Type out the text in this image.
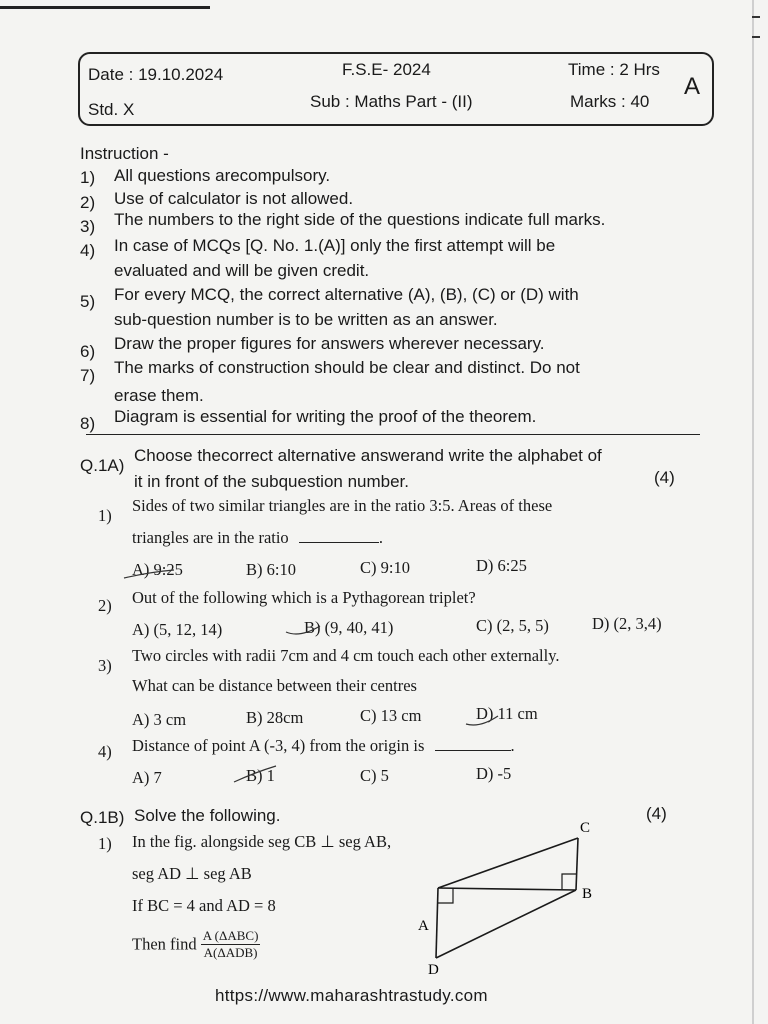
Date : 19.10.2024	F.S.E- 2024	Time : 2 Hrs
Std. X	Sub : Maths Part - (II)	Marks : 40
A
Instruction -
1) All questions arecompulsory.
2) Use of calculator is not allowed.
3) The numbers to the right side of the questions indicate full marks.
4) In case of MCQs [Q. No. 1.(A)] only the first attempt will be
evaluated and will be given credit.
5) For every MCQ, the correct alternative (A), (B), (C) or (D) with
sub-question number is to be written as an answer.
6) Draw the proper figures for answers wherever necessary.
7) The marks of construction should be clear and distinct. Do not
erase them.
8) Diagram is essential for writing the proof of the theorem.
Q.1A)
Choose thecorrect alternative answerand write the alphabet of
it in front of the subquestion number.	(4)
1)
Sides of two similar triangles are in the ratio 3:5. Areas of these
triangles are in the ratio	.
A) 9:25	B) 6:10	C) 9:10	D) 6:25
2) Out of the following which is a Pythagorean triplet?
A) (5, 12, 14)	B) (9, 40, 41)	C) (2, 5, 5)	D) (2, 3,4)
3)
Two circles with radii 7cm and 4 cm touch each other externally.
What can be distance between their centres
A) 3 cm	B) 28cm	C) 13 cm	D) 11 cm
4) Distance of point A (-3, 4) from the origin is	.
A) 7	B) 1	C) 5	D) -5
Q.1B) Solve the following.	(4)
1) In the fig. alongside seg CB ⊥ seg AB,
seg AD ⊥ seg AB
If BC = 4 and AD = 8
Then find $\frac{\text{A (ΔABC)}}{\text{A(ΔADB)}}$
C
B
A
D
https://www.maharashtrastudy.com
